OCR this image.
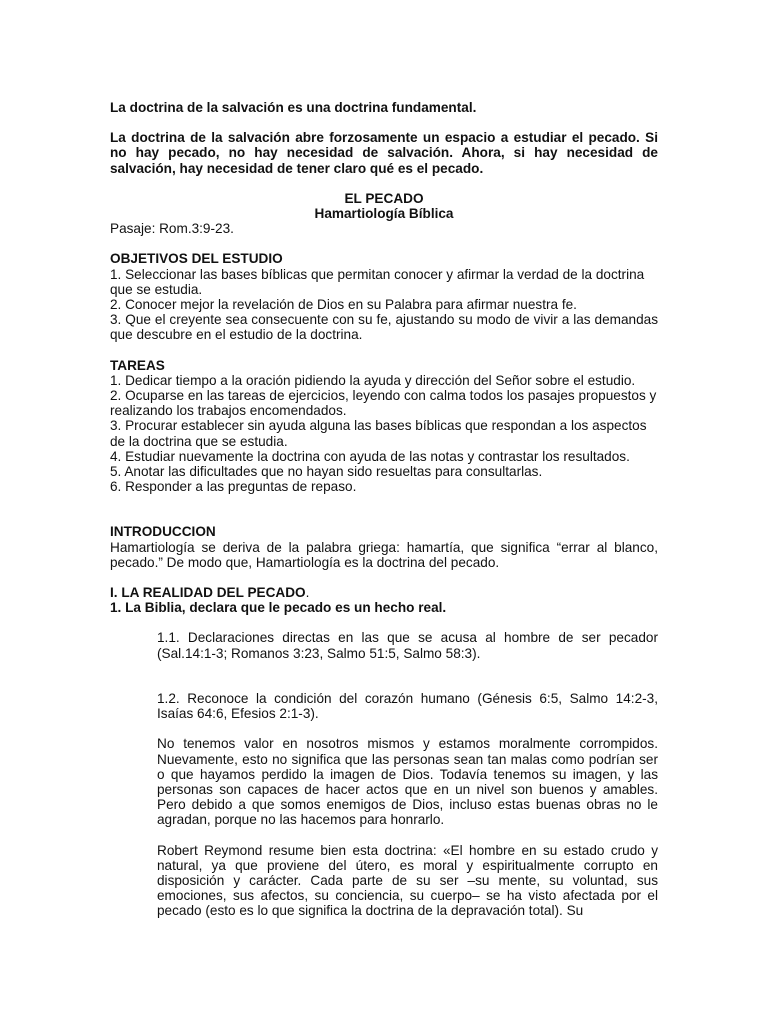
La doctrina de la salvación es una doctrina fundamental.

La doctrina de la salvación abre forzosamente un espacio a estudiar el pecado. Si no hay pecado, no hay necesidad de salvación. Ahora, si hay necesidad de salvación, hay necesidad de tener claro qué es el pecado.

EL PECADO

Hamartiología Bíblica

Pasaje: Rom.3:9-23.

OBJETIVOS DEL ESTUDIO

1. Seleccionar las bases bíblicas que permitan conocer y afirmar la verdad de la doctrina que se estudia.

2. Conocer mejor la revelación de Dios en su Palabra para afirmar nuestra fe.

3. Que el creyente sea consecuente con su fe, ajustando su modo de vivir a las demandas que descubre en el estudio de la doctrina.

TAREAS

1. Dedicar tiempo a la oración pidiendo la ayuda y dirección del Señor sobre el estudio.

2. Ocuparse en las tareas de ejercicios, leyendo con calma todos los pasajes propuestos y realizando los trabajos encomendados.

3. Procurar establecer sin ayuda alguna las bases bíblicas que respondan a los aspectos de la doctrina que se estudia.

4. Estudiar nuevamente la doctrina con ayuda de las notas y contrastar los resultados.

5. Anotar las dificultades que no hayan sido resueltas para consultarlas.

6. Responder a las preguntas de repaso.

INTRODUCCION

Hamartiología se deriva de la palabra griega: hamartía, que significa “errar al blanco, pecado.” De modo que, Hamartiología es la doctrina del pecado.

I. LA REALIDAD DEL PECADO.

1. La Biblia, declara que le pecado es un hecho real.

1.1. Declaraciones directas en las que se acusa al hombre de ser pecador (Sal.14:1-3; Romanos 3:23, Salmo 51:5, Salmo 58:3).

1.2. Reconoce la condición del corazón humano (Génesis 6:5, Salmo 14:2-3, Isaías 64:6, Efesios 2:1-3).

No tenemos valor en nosotros mismos y estamos moralmente corrompidos. Nuevamente, esto no significa que las personas sean tan malas como podrían ser o que hayamos perdido la imagen de Dios. Todavía tenemos su imagen, y las personas son capaces de hacer actos que en un nivel son buenos y amables. Pero debido a que somos enemigos de Dios, incluso estas buenas obras no le agradan, porque no las hacemos para honrarlo.

Robert Reymond resume bien esta doctrina: «El hombre en su estado crudo y natural, ya que proviene del útero, es moral y espiritualmente corrupto en disposición y carácter. Cada parte de su ser –su mente, su voluntad, sus emociones, sus afectos, su conciencia, su cuerpo– se ha visto afectada por el pecado (esto es lo que significa la doctrina de la depravación total). Su
